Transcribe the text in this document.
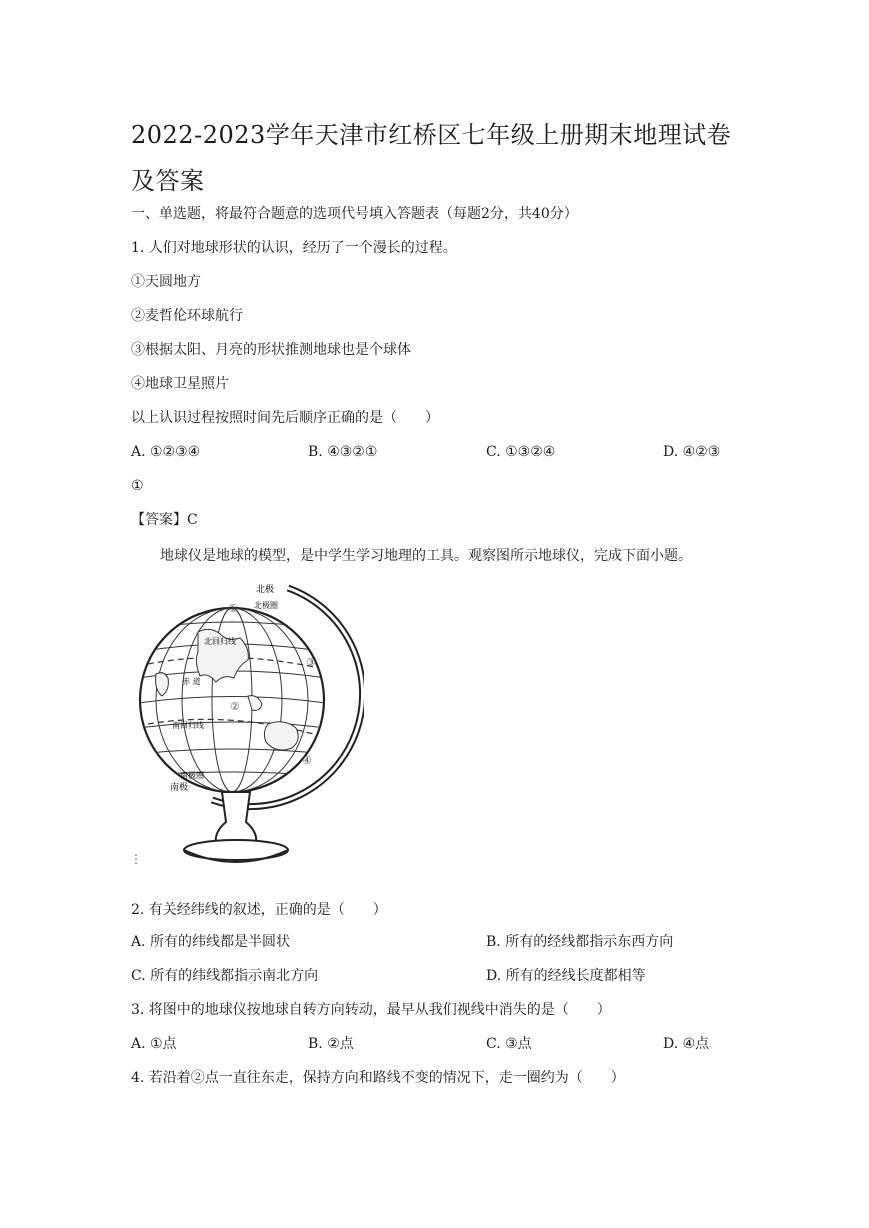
2022-2023学年天津市红桥区七年级上册期末地理试卷及答案
一、单选题，将最符合题意的选项代号填入答题表（每题2分，共40分）
1. 人们对地球形状的认识，经历了一个漫长的过程。
①天圆地方
②麦哲伦环球航行
③根据太阳、月亮的形状推测地球也是个球体
④地球卫星照片
以上认识过程按照时间先后顺序正确的是（　　）
A. ①②③④	B. ④③②①	C. ①③②④	D. ④②③
①
【答案】C
地球仪是地球的模型，是中学生学习地理的工具。观察图所示地球仪，完成下面小题。
北极
北极圈
北回归线
赤 道
南回归线
南极圈
南极
①
②
③
④
⋮
2. 有关经纬线的叙述，正确的是（　　）
A. 所有的纬线都是半圆状	B. 所有的经线都指示东西方向
C. 所有的纬线都指示南北方向	D. 所有的经线长度都相等
3. 将图中的地球仪按地球自转方向转动，最早从我们视线中消失的是（　　）
A. ①点	B. ②点	C. ③点	D. ④点
4. 若沿着②点一直往东走，保持方向和路线不变的情况下，走一圈约为（　　）
